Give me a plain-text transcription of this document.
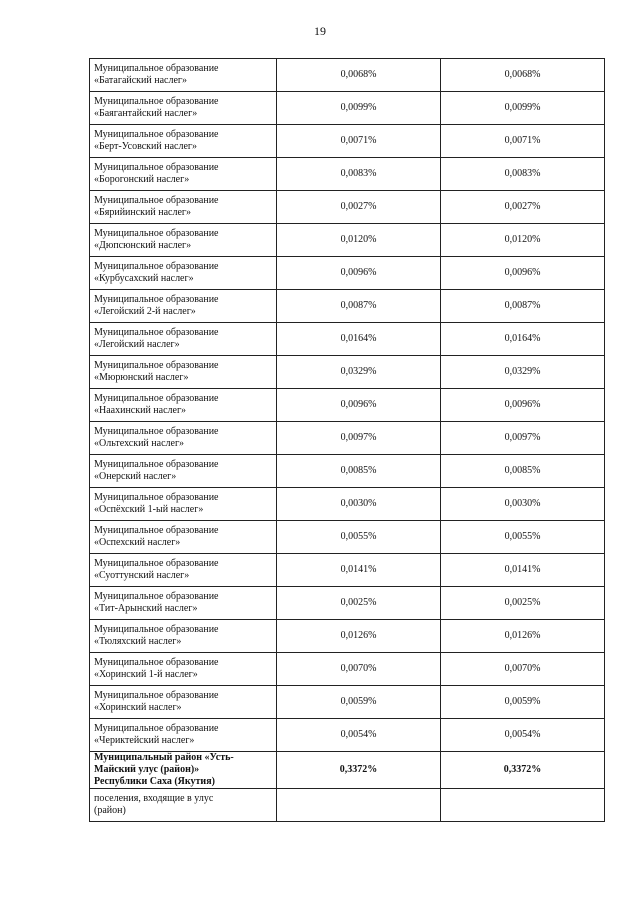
19
Муниципальное образование
«Батагайский наслег»	0,0068%	0,0068%

Муниципальное образование
«Баягантайский наслег»	0,0099%	0,0099%

Муниципальное образование
«Берт-Усовский наслег»	0,0071%	0,0071%

Муниципальное образование
«Борогонский наслег»	0,0083%	0,0083%

Муниципальное образование
«Бярийинский наслег»	0,0027%	0,0027%

Муниципальное образование
«Дюпсюнский наслег»	0,0120%	0,0120%

Муниципальное образование
«Курбусахский наслег»	0,0096%	0,0096%

Муниципальное образование
«Легойский 2-й наслег»	0,0087%	0,0087%

Муниципальное образование
«Легойский наслег»	0,0164%	0,0164%

Муниципальное образование
«Мюрюнский наслег»	0,0329%	0,0329%

Муниципальное образование
«Наахинский наслег»	0,0096%	0,0096%

Муниципальное образование
«Ольтехский наслег»	0,0097%	0,0097%

Муниципальное образование
«Онерский наслег»	0,0085%	0,0085%

Муниципальное образование
«Оспёхский 1-ый наслег»	0,0030%	0,0030%

Муниципальное образование
«Оспехский наслег»	0,0055%	0,0055%

Муниципальное образование
«Суоттунский наслег»	0,0141%	0,0141%

Муниципальное образование
«Тит-Арынский наслег»	0,0025%	0,0025%

Муниципальное образование
«Тюляхский наслег»	0,0126%	0,0126%

Муниципальное образование
«Хоринский 1-й наслег»	0,0070%	0,0070%

Муниципальное образование
«Хоринский наслег»	0,0059%	0,0059%

Муниципальное образование
«Чериктейский наслег»	0,0054%	0,0054%

Муниципальный район «Усть-
Майский улус (район)»
Республики Саха (Якутия)	0,3372%	0,3372%

поселения, входящие в улус
(район)		
